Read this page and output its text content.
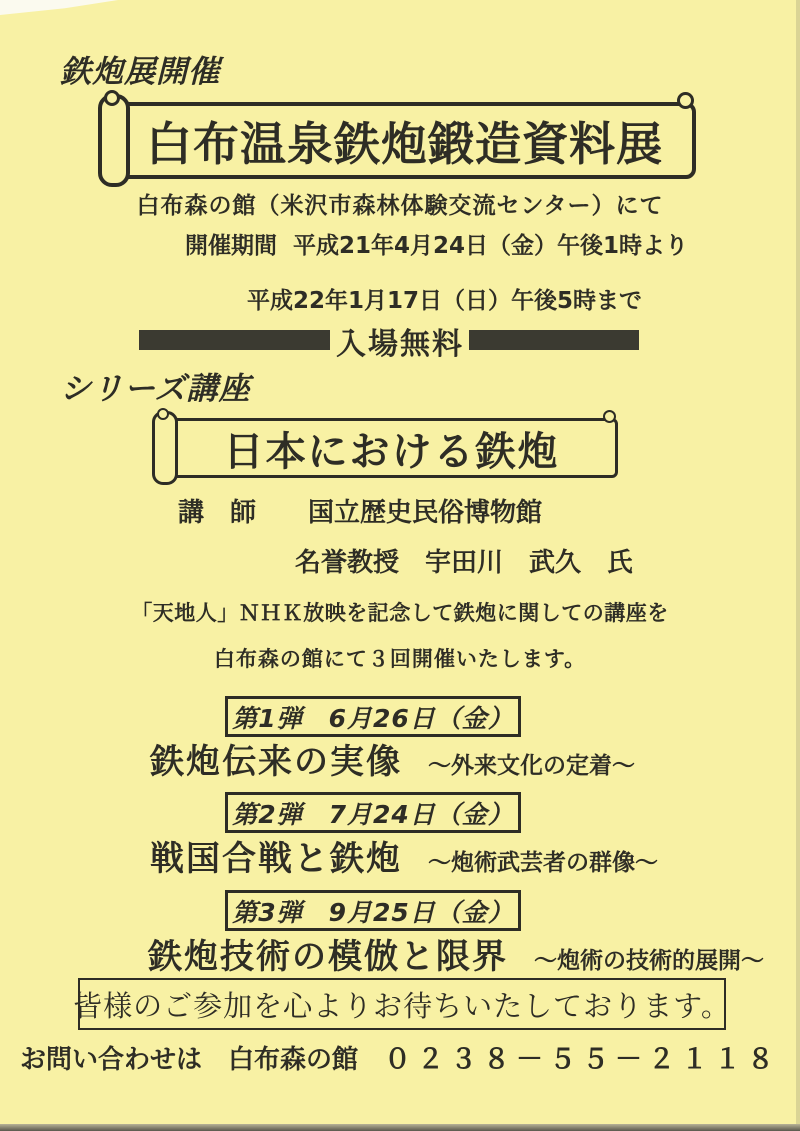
鉄炮展開催
白布温泉鉄炮鍛造資料展
白布森の館（米沢市森林体験交流センター）にて
開催期間 平成21年4月24日（金）午後1時より
平成22年1月17日（日）午後5時まで
入場無料
シリーズ講座
日本における鉄炮
講　師 国立歴史民俗博物館
名誉教授　宇田川　武久　氏
「天地人」ＮＨＫ放映を記念して鉄炮に関しての講座を
白布森の館にて３回開催いたします。
第1弾　6月26日（金）
鉄炮伝来の実像 ～外来文化の定着～
第2弾　7月24日（金）
戦国合戦と鉄炮 ～炮術武芸者の群像～
第3弾　9月25日（金）
鉄炮技術の模倣と限界 ～炮術の技術的展開～
皆様のご参加を心よりお待ちいたしております。
お問い合わせは 白布森の館 ０２３８－５５－２１１８
